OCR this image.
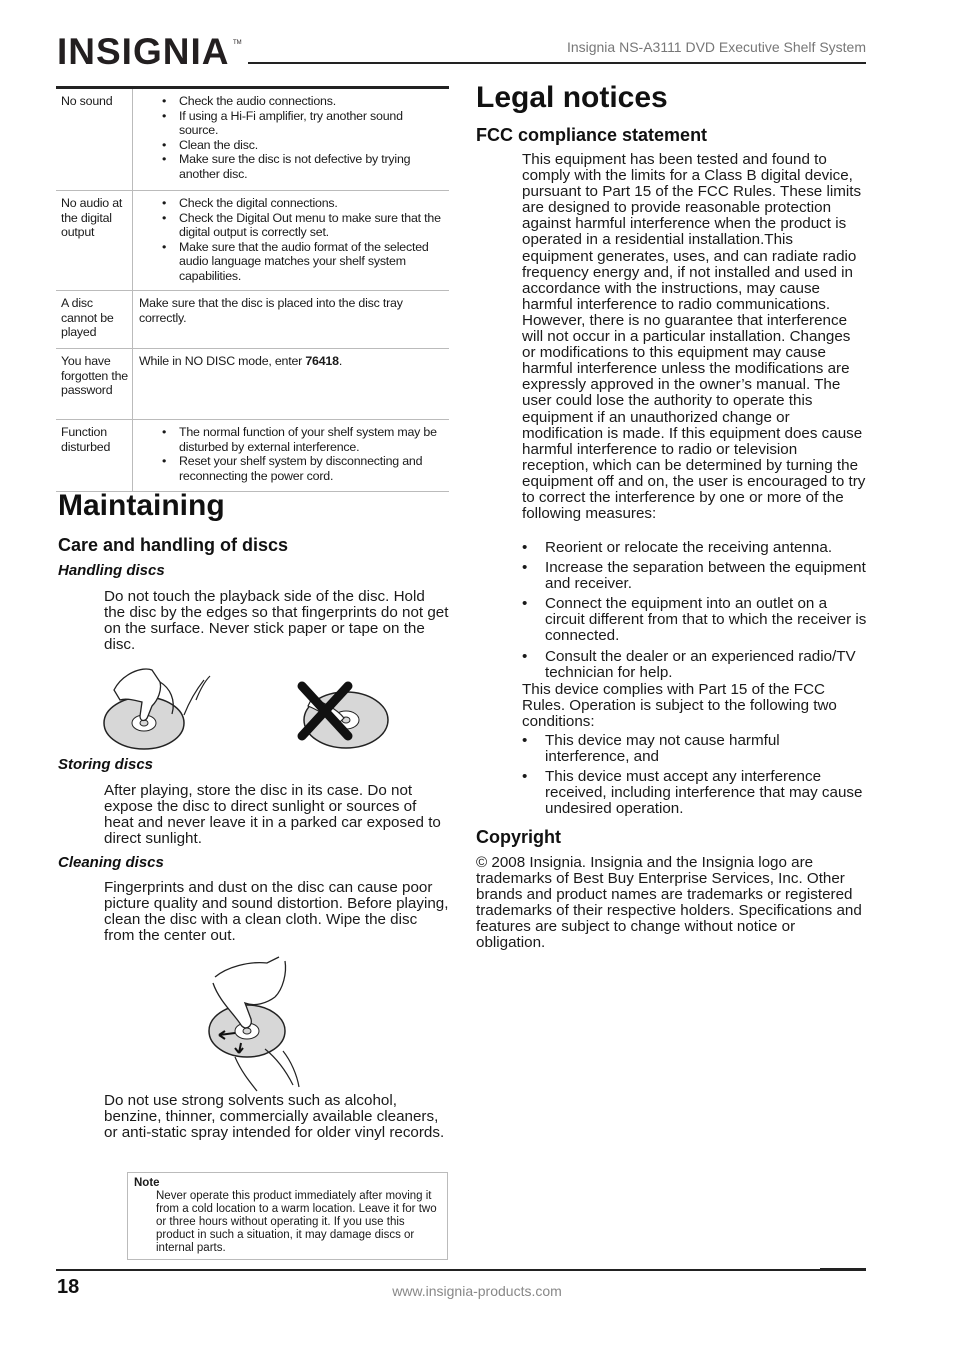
INSIGNIA TM	Insignia NS-A3111 DVD Executive Shelf System
No sound
•	Check the audio connections.
• If using a Hi-Fi amplifier, try another sound source.
• Clean the disc.
• Make sure the disc is not defective by trying another disc.
No audio at the digital output
• Check the digital connections.
• Check the Digital Out menu to make sure that the digital output is correctly set.
• Make sure that the audio format of the selected audio language matches your shelf system capabilities.
A disc cannot be played
Make sure that the disc is placed into the disc tray correctly.
You have forgotten the password
While in NO DISC mode, enter 76418.
Function disturbed
• The normal function of your shelf system may be disturbed by external interference.
• Reset your shelf system by disconnecting and reconnecting the power cord.
Maintaining
Care and handling of discs
Handling discs
Do not touch the playback side of the disc. Hold the disc by the edges so that fingerprints do not get on the surface. Never stick paper or tape on the disc.
Storing discs
After playing, store the disc in its case. Do not expose the disc to direct sunlight or sources of heat and never leave it in a parked car exposed to direct sunlight.
Cleaning discs
Fingerprints and dust on the disc can cause poor picture quality and sound distortion. Before playing, clean the disc with a clean cloth. Wipe the disc from the center out.
Do not use strong solvents such as alcohol, benzine, thinner, commercially available cleaners, or anti-static spray intended for older vinyl records.
Note
Never operate this product immediately after moving it from a cold location to a warm location. Leave it for two or three hours without operating it. If you use this product in such a situation, it may damage discs or internal parts.
Legal notices
FCC compliance statement
This equipment has been tested and found to comply with the limits for a Class B digital device, pursuant to Part 15 of the FCC Rules. These limits are designed to provide reasonable protection against harmful interference when the product is operated in a residential installation.This equipment generates, uses, and can radiate radio frequency energy and, if not installed and used in accordance with the instructions, may cause harmful interference to radio communications. However, there is no guarantee that interference will not occur in a particular installation. Changes or modifications to this equipment may cause harmful interference unless the modifications are expressly approved in the owner’s manual. The user could lose the authority to operate this equipment if an unauthorized change or modification is made. If this equipment does cause harmful interference to radio or television reception, which can be determined by turning the equipment off and on, the user is encouraged to try to correct the interference by one or more of the following measures:
• Reorient or relocate the receiving antenna.
• Increase the separation between the equipment and receiver.
• Connect the equipment into an outlet on a circuit different from that to which the receiver is connected.
• Consult the dealer or an experienced radio/TV technician for help.
This device complies with Part 15 of the FCC Rules. Operation is subject to the following two conditions:
• This device may not cause harmful interference, and
• This device must accept any interference received, including interference that may cause undesired operation.
Copyright
© 2008 Insignia. Insignia and the Insignia logo are trademarks of Best Buy Enterprise Services, Inc. Other brands and product names are trademarks or registered trademarks of their respective holders. Specifications and features are subject to change without notice or obligation.
18	www.insignia-products.com
